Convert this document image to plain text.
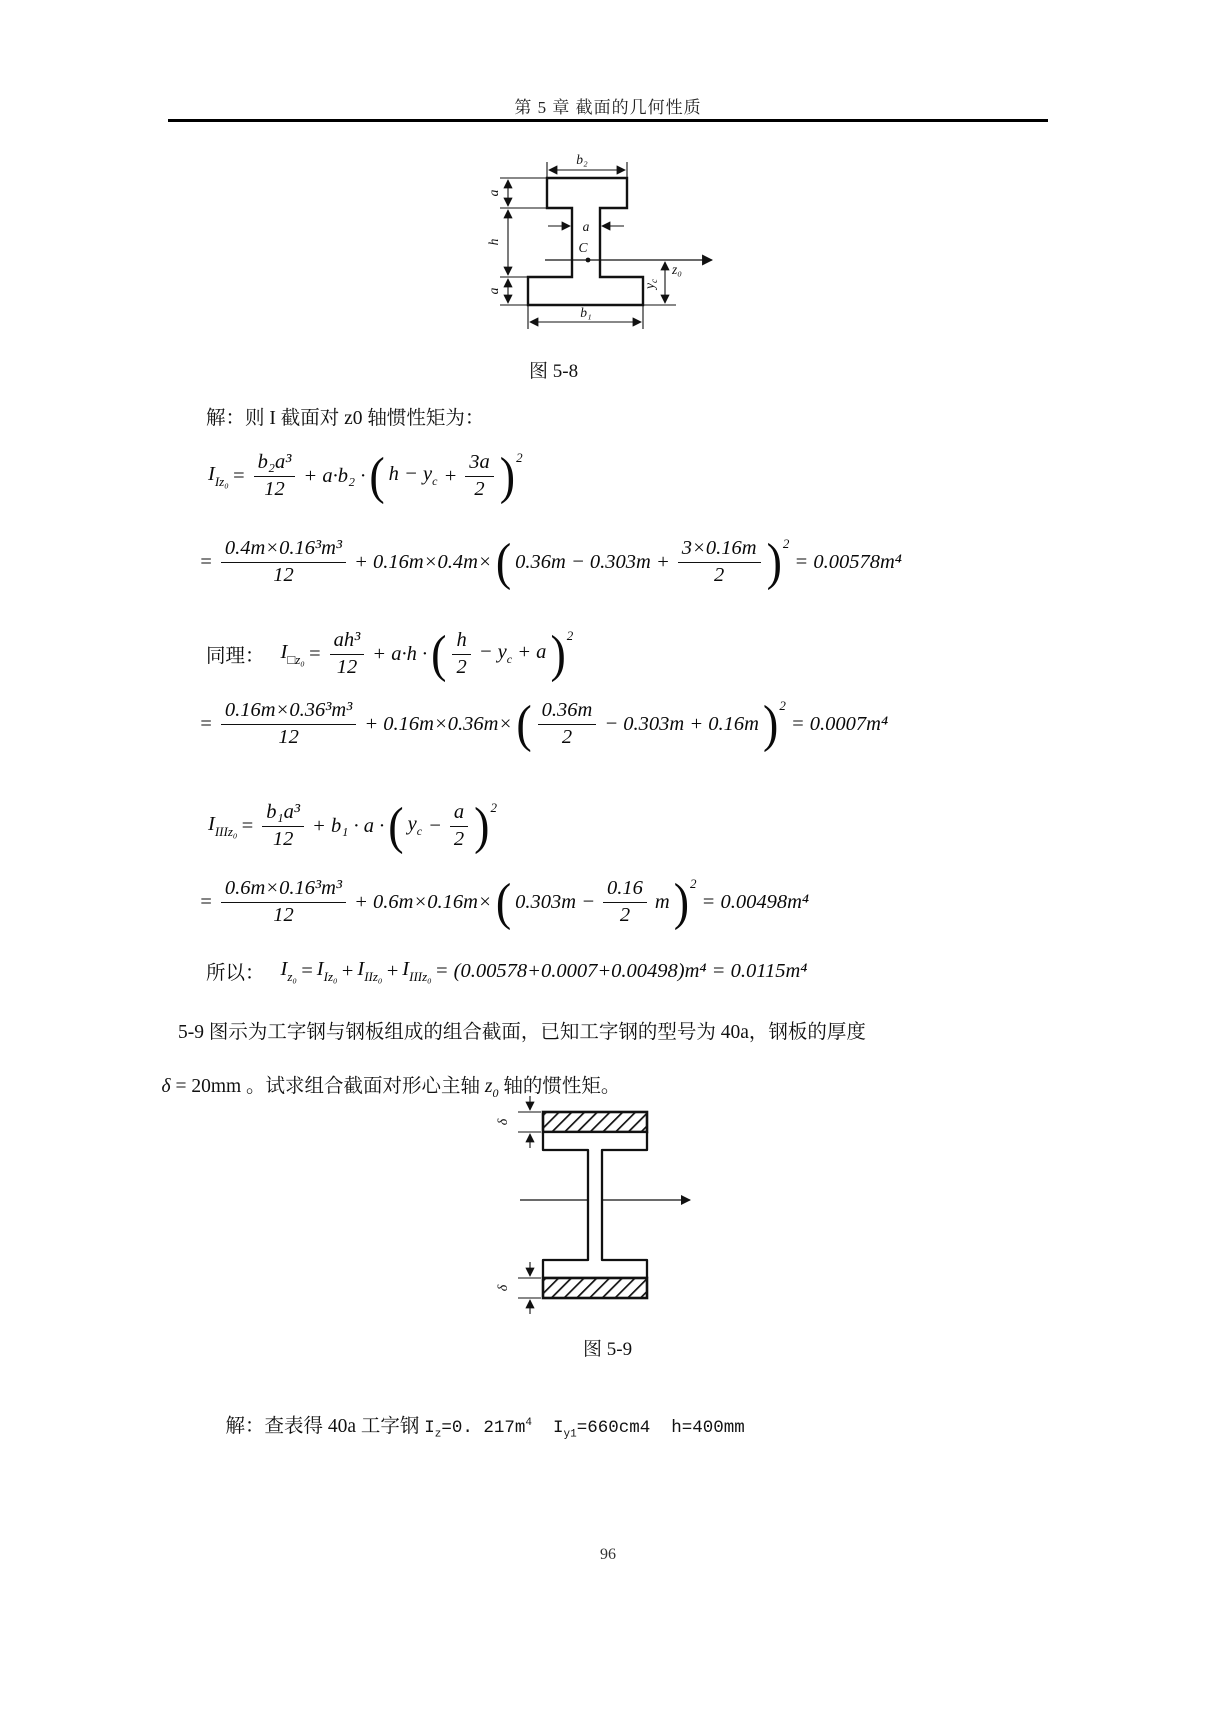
第 5 章 截面的几何性质
b₂
a
h
a
a
C
z₀
$y_c$
b₁
图 5-8
解：则 I 截面对 z0 轴惯性矩为：
$I_{Iz_0} = \frac{\text{b₂a³}}{12} + a\cdot b_2$ · ( $h - y_c + \frac{3a}{2}$ ) 2
= $\frac{\text{0.4m×0.16³m³}}{12} + 0.16m\times 0.4m\times$ ( $0.36m - 0.303m + \frac{3\times 0.16m}{2}$ ) 2
= 0.00578m⁴
同理： $I_{□z_0} = \frac{\text{ah³}}{12} + a\cdot h$ · ( $\frac{h}{2} - y_c + a$ ) 2
= $\frac{\text{0.16m×0.36³m³}}{12} + 0.16m\times 0.36m\times$ ( $\frac{0.36m}{2} - 0.303m + 0.16m$ ) 2
= 0.0007m⁴
$I_{IIIz_0} = \frac{\text{b₁a³}}{12} + b_1 \cdot a$ · ( $y_c - \frac{a}{2}$ ) 2
= $\frac{\text{0.6m×0.16³m³}}{12} + 0.6m\times 0.16m\times$ ( $0.303m - \frac{0.16}{2}$ m ) 2
= 0.00498m⁴
所以： $I_{z_0} = I_{Iz_0} + I_{IIz_0} + I_{IIIz_0} = (0.00578+0.0007+0.00498)m^4 = 0.0115m^4$
5-9 图示为工字钢与钢板组成的组合截面，已知工字钢的型号为 40a，钢板的厚度

δ = 20mm 。试求组合截面对形心主轴 $z_0$ 轴的惯性矩。

δ
δ
图 5-9

解：查表得 40a 工字钢 $I_z=0$. $217m^4$  $I_{y1}=660cm4$  h=400mm

96
